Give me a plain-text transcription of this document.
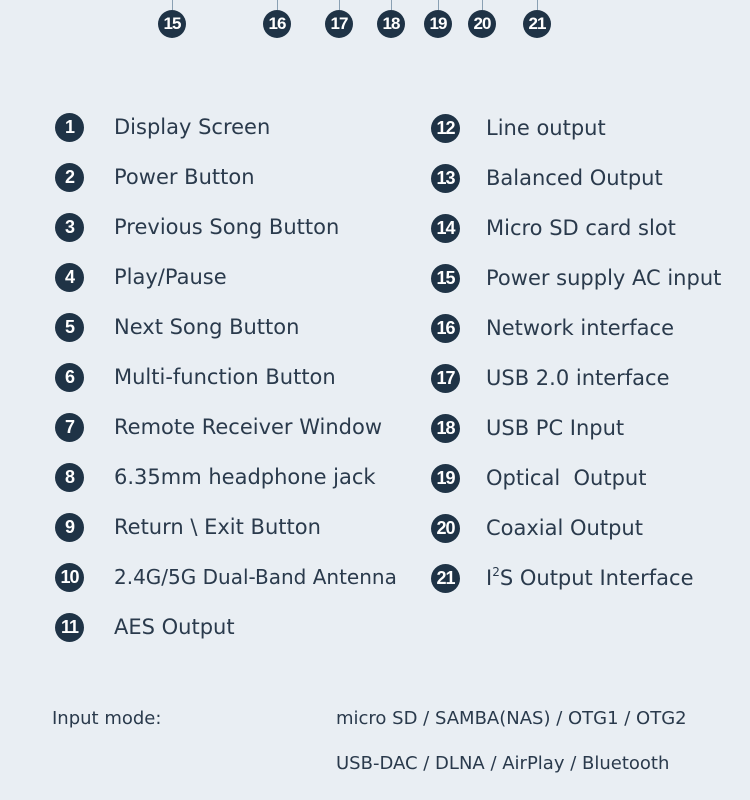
15	16	17	18	19	20	21
1	Display Screen
2	Power Button
3	Previous Song Button
4	Play/Pause
5	Next Song Button
6	Multi-function Button
7	Remote Receiver Window
8	6.35mm headphone jack
9	Return \ Exit Button
10 2.4G/5G Dual-Band Antenna
11 AES Output
12 Line output
13 Balanced Output
14 Micro SD card slot
15 Power supply AC input
16 Network interface
17 USB 2.0 interface
18 USB PC Input
19 Optical  Output
20 Coaxial Output
21 $I^2S$ Output Interface
Input mode:	micro SD / SAMBA(NAS) / OTG1 / OTG2
USB-DAC / DLNA / AirPlay / Bluetooth
